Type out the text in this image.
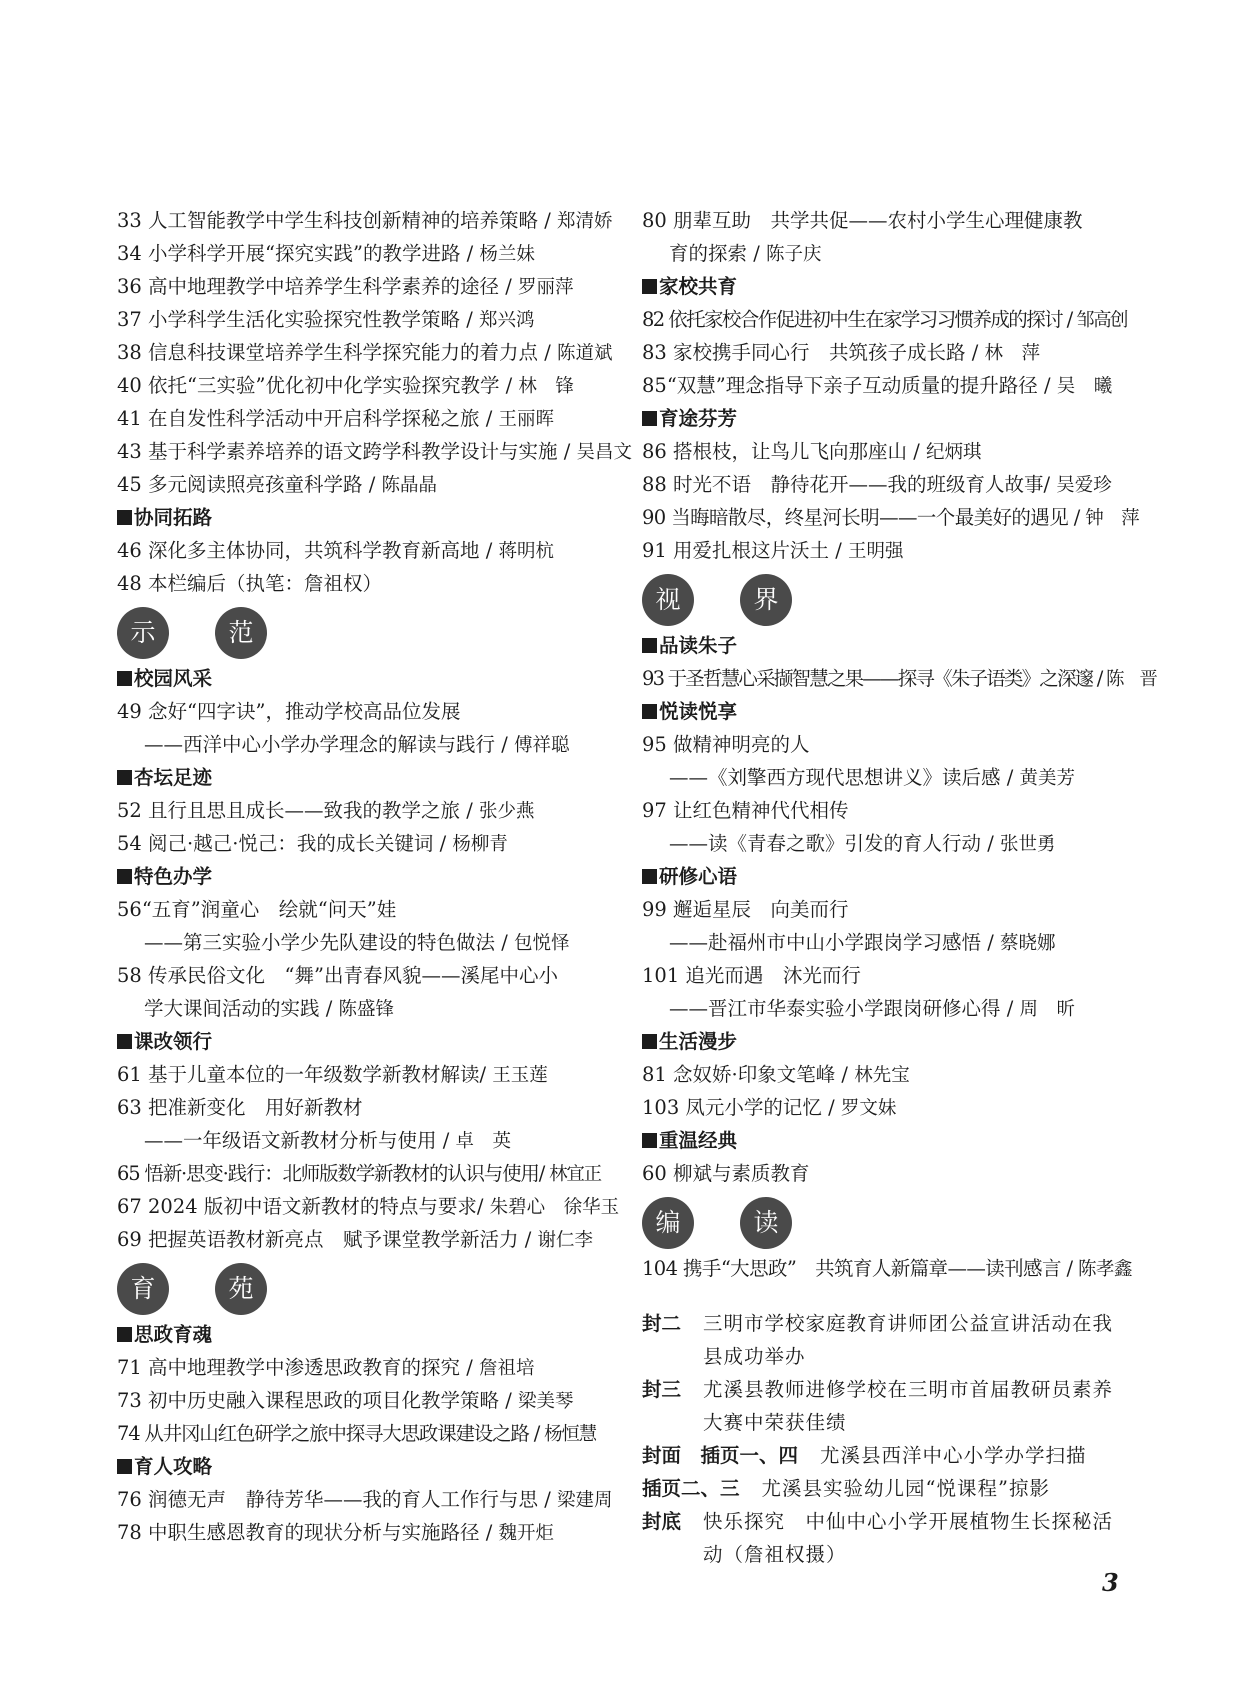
33 人工智能教学中学生科技创新精神的培养策略 / 郑清娇
34 小学科学开展“探究实践”的教学进路 / 杨兰妹
36 高中地理教学中培养学生科学素养的途径 / 罗丽萍
37 小学科学生活化实验探究性教学策略 / 郑兴鸿
38 信息科技课堂培养学生科学探究能力的着力点 / 陈道斌
40 依托“三实验”优化初中化学实验探究教学 / 林　锋
41 在自发性科学活动中开启科学探秘之旅 / 王丽晖
43 基于科学素养培养的语文跨学科教学设计与实施 / 吴昌文
45 多元阅读照亮孩童科学路 / 陈晶晶
协同拓路
46 深化多主体协同，共筑科学教育新高地 / 蒋明杭
48 本栏编后（执笔：詹祖权）
示	范
校园风采
49 念好“四字诀”，推动学校高品位发展
——西洋中心小学办学理念的解读与践行 / 傅祥聪
杏坛足迹
52 且行且思且成长——致我的教学之旅 / 张少燕
54 阅己·越己·悦己：我的成长关键词 / 杨柳青
特色办学
56“五育”润童心　绘就“问天”娃
——第三实验小学少先队建设的特色做法 / 包悦怿
58 传承民俗文化　“舞”出青春风貌——溪尾中心小
学大课间活动的实践 / 陈盛锋
课改领行
61 基于儿童本位的一年级数学新教材解读/ 王玉莲
63 把准新变化　用好新教材
——一年级语文新教材分析与使用 / 卓　英
65 悟新·思变·践行：北师版数学新教材的认识与使用/ 林宜正
67 2024 版初中语文新教材的特点与要求/ 朱碧心　徐华玉
69 把握英语教材新亮点　赋予课堂教学新活力 / 谢仁李
育	苑
思政育魂
71 高中地理教学中渗透思政教育的探究 / 詹祖培
73 初中历史融入课程思政的项目化教学策略 / 梁美琴
74 从井冈山红色研学之旅中探寻大思政课建设之路 / 杨恒慧
育人攻略
76 润德无声　静待芳华——我的育人工作行与思 / 梁建周
78 中职生感恩教育的现状分析与实施路径 / 魏开炬
80 朋辈互助　共学共促——农村小学生心理健康教
育的探索 / 陈子庆
家校共育
82 依托家校合作促进初中生在家学习习惯养成的探讨 / 邹高创
83 家校携手同心行　共筑孩子成长路 / 林　萍
85“双慧”理念指导下亲子互动质量的提升路径 / 吴　曦
育途芬芳
86 搭根枝，让鸟儿飞向那座山 / 纪炳琪
88 时光不语　静待花开——我的班级育人故事/ 吴爱珍
90 当晦暗散尽，终星河长明——一个最美好的遇见 / 钟　萍
91 用爱扎根这片沃土 / 王明强
视	界
品读朱子
93 于圣哲慧心采撷智慧之果——探寻《朱子语类》之深邃 / 陈　晋
悦读悦享
95 做精神明亮的人
——《刘擎西方现代思想讲义》读后感 / 黄美芳
97 让红色精神代代相传
——读《青春之歌》引发的育人行动 / 张世勇
研修心语
99 邂逅星辰　向美而行
——赴福州市中山小学跟岗学习感悟 / 蔡晓娜
101 追光而遇　沐光而行
——晋江市华泰实验小学跟岗研修心得 / 周　昕
生活漫步
81 念奴娇·印象文笔峰 / 林先宝
103 凤元小学的记忆 / 罗文妹
重温经典
60 柳斌与素质教育
编	读
104 携手“大思政”　共筑育人新篇章——读刊感言 / 陈孝鑫
封二 三明市学校家庭教育讲师团公益宣讲活动在我县成功举办
封三 尤溪县教师进修学校在三明市首届教研员素养大赛中荣获佳绩
封面　插页一、四 尤溪县西洋中心小学办学扫描
插页二、三 尤溪县实验幼儿园“悦课程”掠影
封底 快乐探究　中仙中心小学开展植物生长探秘活动（詹祖权摄）
3
